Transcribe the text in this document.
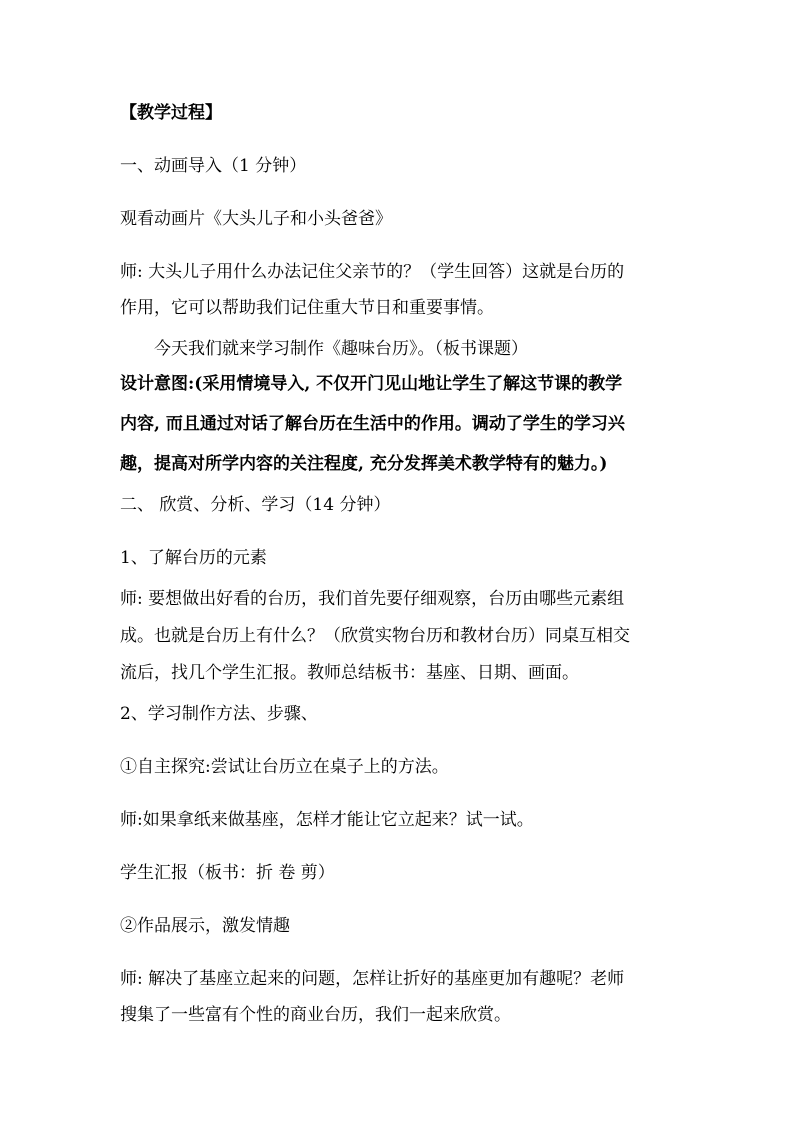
【教学过程】
一、动画导入（1 分钟）
观看动画片《大头儿子和小头爸爸》
师: 大头儿子用什么办法记住父亲节的？（学生回答）这就是台历的
作用，它可以帮助我们记住重大节日和重要事情。
今天我们就来学习制作《趣味台历》。（板书课题）
设计意图:(采用情境导入, 不仅开门见山地让学生了解这节课的教学
内容, 而且通过对话了解台历在生活中的作用。调动了学生的学习兴
趣，提高对所学内容的关注程度, 充分发挥美术教学特有的魅力。)
二、 欣赏、分析、学习（14 分钟）
1、了解台历的元素
师: 要想做出好看的台历，我们首先要仔细观察，台历由哪些元素组
成。也就是台历上有什么？（欣赏实物台历和教材台历）同桌互相交
流后，找几个学生汇报。教师总结板书：基座、日期、画面。
2、学习制作方法、步骤、
①自主探究:尝试让台历立在桌子上的方法。
师:如果拿纸来做基座，怎样才能让它立起来？试一试。
学生汇报（板书：折 卷 剪）
②作品展示，激发情趣
师: 解决了基座立起来的问题，怎样让折好的基座更加有趣呢？老师
搜集了一些富有个性的商业台历，我们一起来欣赏。
